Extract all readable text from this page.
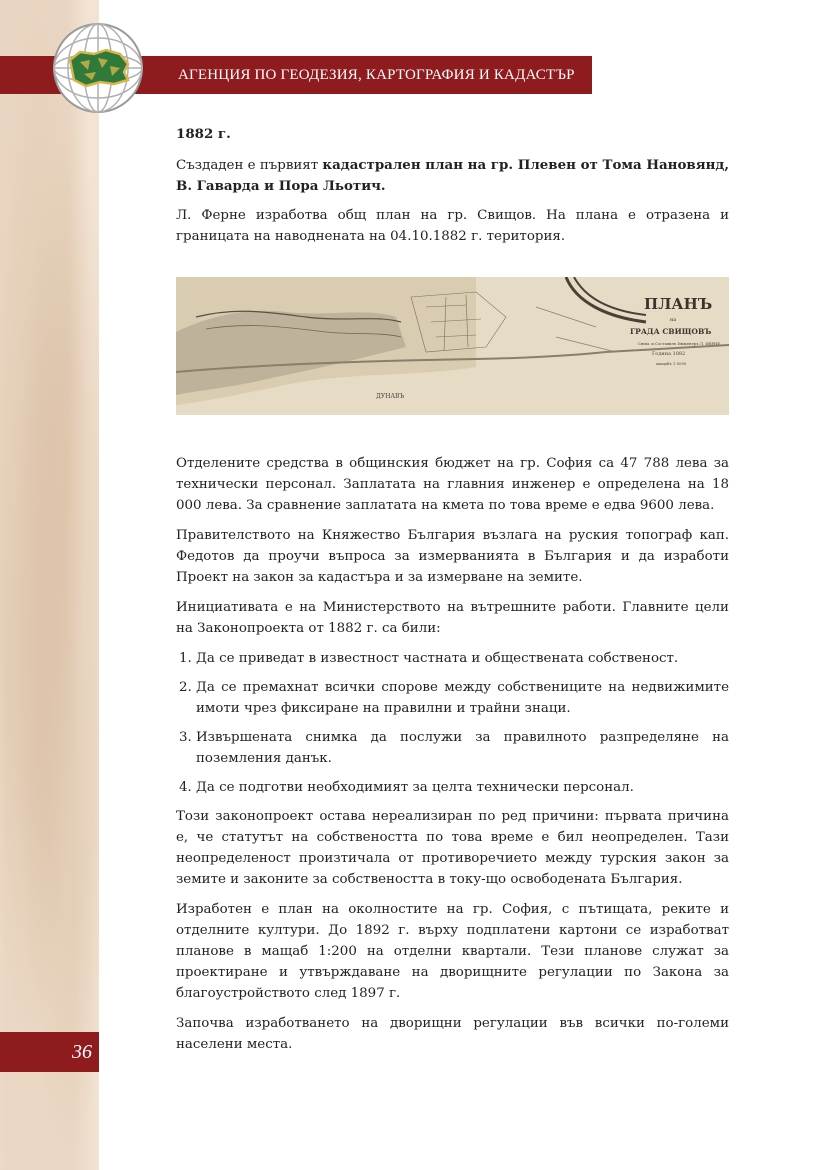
АГЕНЦИЯ ПО ГЕОДЕЗИЯ, КАРТОГРАФИЯ И КАДАСТЪР

1882 г.

Създаден е първият кадастрален план на гр. Плевен от Тома Нановянд, В. Гаварда и Пора Льотич.

Л. Ферне изработва общ план на гр. Свищов. На плана е отразена и границата на наводнената на 04.10.1882 г. територия.

ПЛАНЪ
на
ГРАДА СВИЩОВЪ
Сним. и Составилъ Инженеръ Л. ФЕРНЕ
Година 1882
мащабъ 1:5000
ДУНАВЪ

Отделените средства в общинския бюджет на гр. София са 47 788 лева за технически персонал. Заплатата на главния инженер е определена на 18 000 лева. За сравнение заплатата на кмета по това време е едва 9600 лева.

Правителството на Княжество България възлага на руския топограф кап. Федотов да проучи въпроса за измерванията в България и да изработи Проект на закон за кадастъра и за измерване на земите.

Инициативата е на Министерството на вътрешните работи. Главните цели на Законопроекта от 1882 г. са били:

1. Да се приведат в известност частната и обществената собственост.
2. Да се премахнат всички спорове между собствениците на недвижимите имоти чрез фиксиране на правилни и трайни знаци.
3. Извършената снимка да послужи за правилното разпределяне на поземления данък.
4. Да се подготви необходимият за целта технически персонал.

Този законопроект остава нереализиран по ред причини: първата причина е, че статутът на собствеността по това време е бил неопределен. Тази неопределеност произтичала от противоречието между турския закон за земите и законите за собствеността в току-що освободената България.

Изработен е план на околностите на гр. София, с пътищата, реките и отделните култури. До 1892 г. върху подплатени картони се изработват планове в мащаб 1:200 на отделни квартали. Тези планове служат за проектиране и утвърждаване на дворищните регулации по Закона за благоустройството след 1897 г.

Започва изработването на дворищни регулации във всички по-големи населени места.

36
